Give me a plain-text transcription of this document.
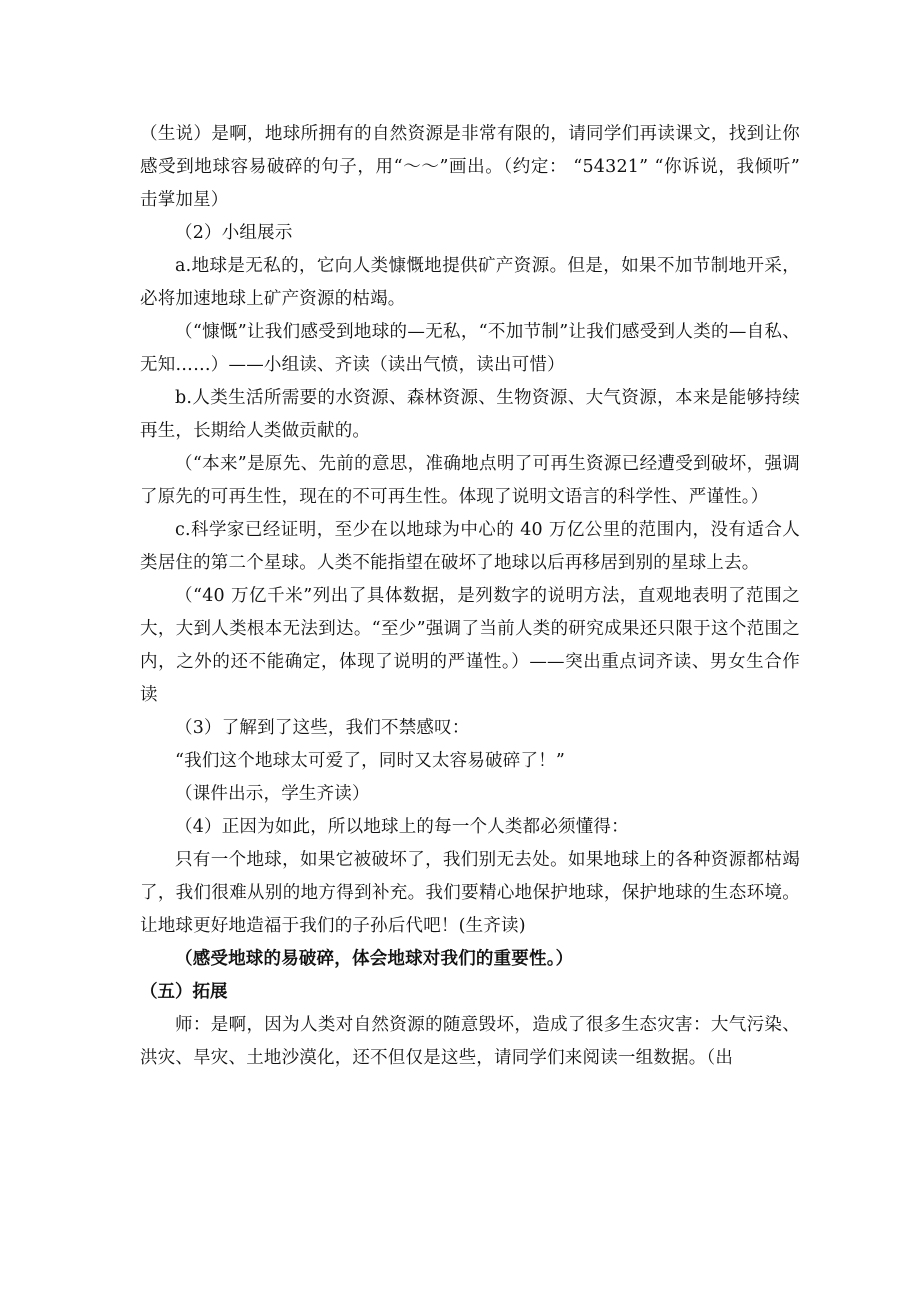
（生说）是啊，地球所拥有的自然资源是非常有限的，请同学们再读课文，找到让你感受到地球容易破碎的句子，用“～～”画出。（约定： “54321” “你诉说，我倾听” 击掌加星）

（2）小组展示

a.地球是无私的，它向人类慷慨地提供矿产资源。但是，如果不加节制地开采，必将加速地球上矿产资源的枯竭。

（“慷慨”让我们感受到地球的—无私，“不加节制”让我们感受到人类的—自私、无知……）——小组读、齐读（读出气愤，读出可惜）

b.人类生活所需要的水资源、森林资源、生物资源、大气资源，本来是能够持续再生，长期给人类做贡献的。

（“本来”是原先、先前的意思，准确地点明了可再生资源已经遭受到破坏，强调了原先的可再生性，现在的不可再生性。体现了说明文语言的科学性、严谨性。）

c.科学家已经证明，至少在以地球为中心的 40 万亿公里的范围内，没有适合人类居住的第二个星球。人类不能指望在破坏了地球以后再移居到别的星球上去。

（“40 万亿千米”列出了具体数据，是列数字的说明方法，直观地表明了范围之大，大到人类根本无法到达。“至少”强调了当前人类的研究成果还只限于这个范围之内，之外的还不能确定，体现了说明的严谨性。）——突出重点词齐读、男女生合作读

（3）了解到了这些，我们不禁感叹：

“我们这个地球太可爱了，同时又太容易破碎了！”

（课件出示，学生齐读）

（4）正因为如此，所以地球上的每一个人类都必须懂得：

只有一个地球，如果它被破坏了，我们别无去处。如果地球上的各种资源都枯竭了，我们很难从别的地方得到补充。我们要精心地保护地球，保护地球的生态环境。让地球更好地造福于我们的子孙后代吧！(生齐读)

（感受地球的易破碎，体会地球对我们的重要性。）

（五）拓展

师：是啊，因为人类对自然资源的随意毁坏，造成了很多生态灾害：大气污染、洪灾、旱灾、土地沙漠化，还不但仅是这些，请同学们来阅读一组数据。（出
